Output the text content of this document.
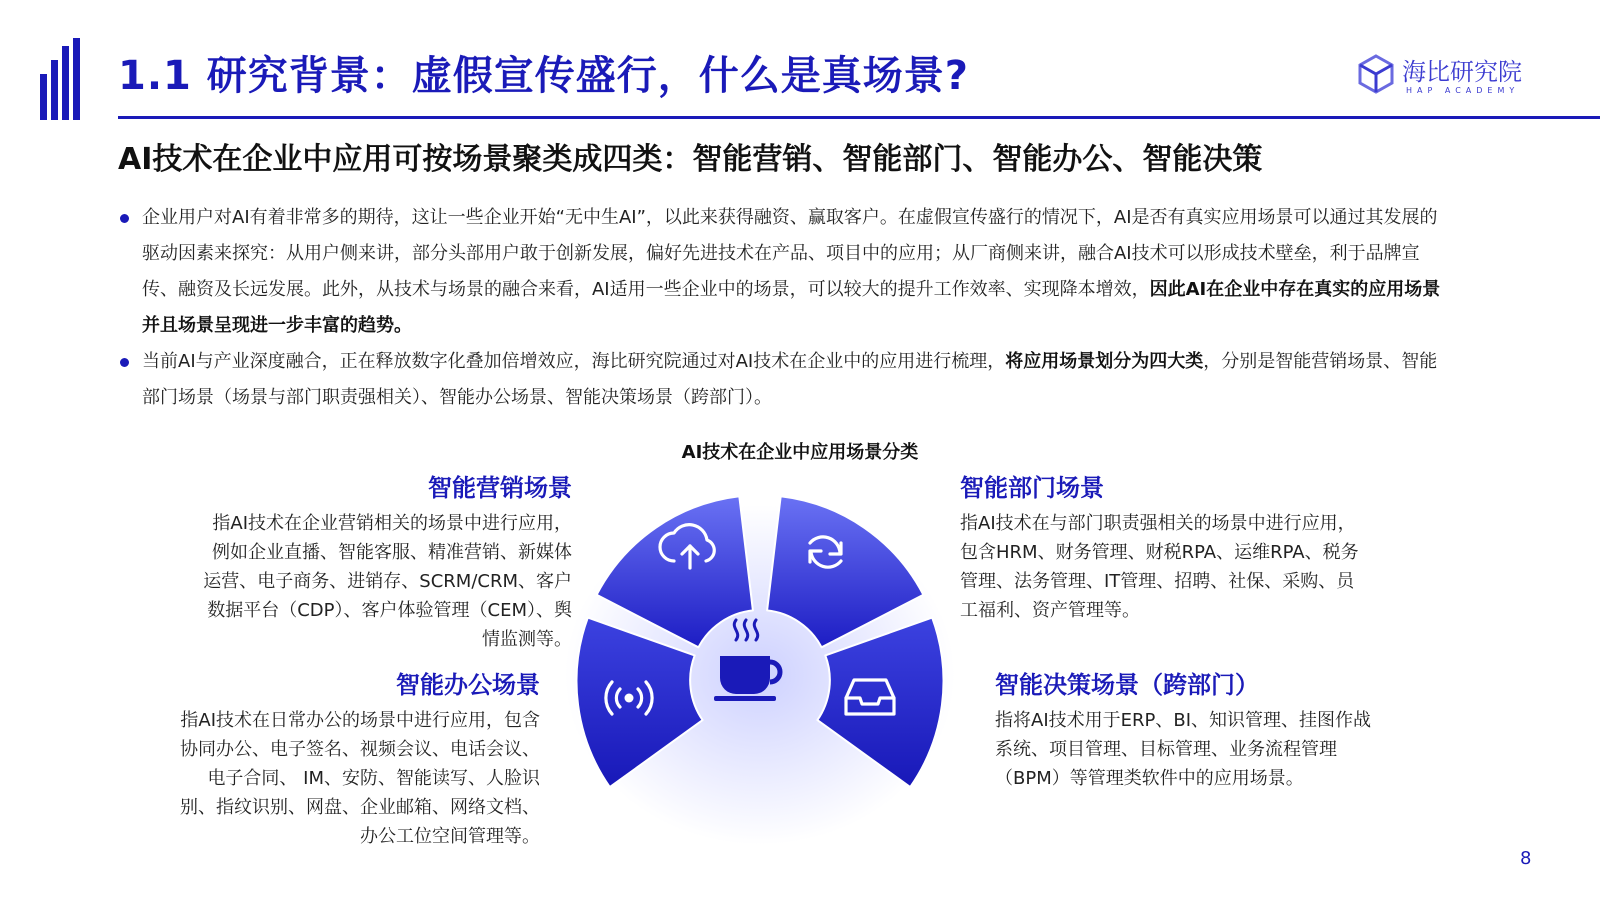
1.1 研究背景：虚假宣传盛行，什么是真场景?	海比研究院
HAP ACADEMY
AI技术在企业中应用可按场景聚类成四类：智能营销、智能部门、智能办公、智能决策
企业用户对AI有着非常多的期待，这让一些企业开始“无中生AI”，以此来获得融资、赢取客户。在虚假宣传盛行的情况下，AI是否有真实应用场景可以通过其发展的驱动因素来探究：从用户侧来讲，部分头部用户敢于创新发展，偏好先进技术在产品、项目中的应用；从厂商侧来讲，融合AI技术可以形成技术壁垒，利于品牌宣传、融资及长远发展。此外，从技术与场景的融合来看，AI适用一些企业中的场景，可以较大的提升工作效率、实现降本增效，因此AI在企业中存在真实的应用场景并且场景呈现进一步丰富的趋势。
当前AI与产业深度融合，正在释放数字化叠加倍增效应，海比研究院通过对AI技术在企业中的应用进行梳理，将应用场景划分为四大类，分别是智能营销场景、智能部门场景（场景与部门职责强相关）、智能办公场景、智能决策场景（跨部门）。
AI技术在企业中应用场景分类
智能营销场景
指AI技术在企业营销相关的场景中进行应用，例如企业直播、智能客服、精准营销、新媒体运营、电子商务、进销存、SCRM/CRM、客户数据平台（CDP）、客户体验管理（CEM）、舆情监测等。
智能办公场景
指AI技术在日常办公的场景中进行应用，包含协同办公、电子签名、视频会议、电话会议、电子合同、 IM、安防、智能读写、人脸识别、指纹识别、网盘、企业邮箱、网络文档、办公工位空间管理等。
智能部门场景
指AI技术在与部门职责强相关的场景中进行应用，包含HRM、财务管理、财税RPA、运维RPA、税务管理、法务管理、IT管理、招聘、社保、采购、员工福利、资产管理等。
智能决策场景（跨部门）
指将AI技术用于ERP、BI、知识管理、挂图作战系统、项目管理、目标管理、业务流程管理（BPM）等管理类软件中的应用场景。
8
